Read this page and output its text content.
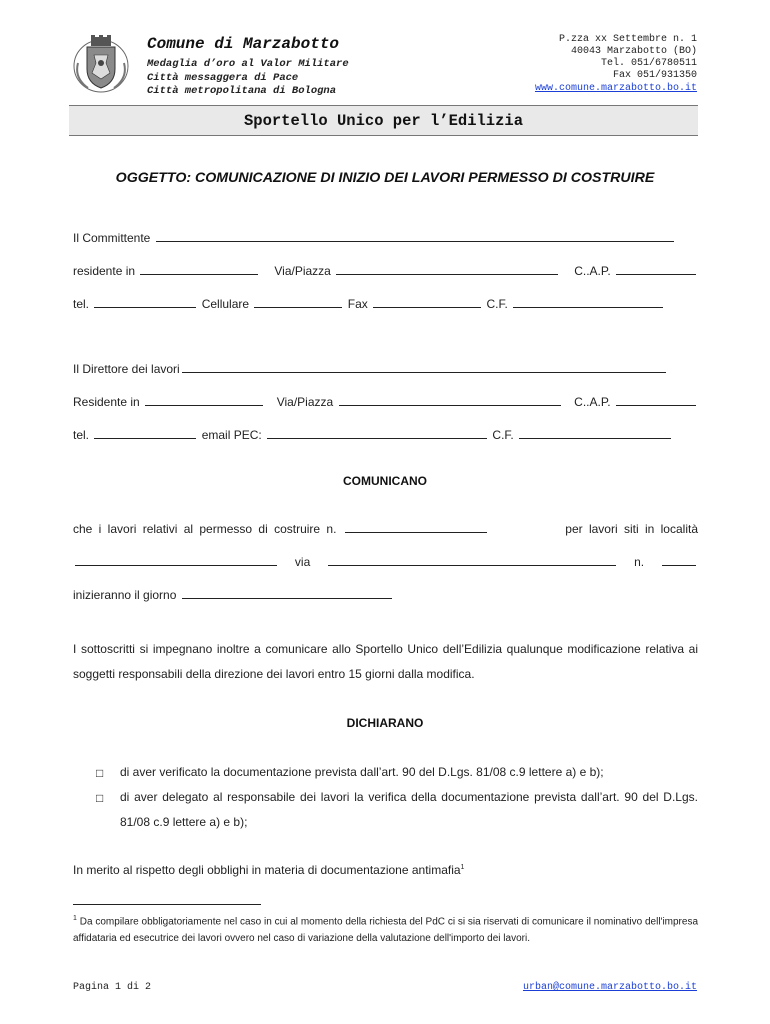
Comune di Marzabotto
Medaglia d’oro al Valor Militare
Città messaggera di Pace
Città metropolitana di Bologna
P.zza xx Settembre n. 1
40043 Marzabotto (BO)
Tel. 051/6780511
Fax 051/931350
www.comune.marzabotto.bo.it
Sportello Unico per l’Edilizia
OGGETTO: COMUNICAZIONE DI INIZIO DEI LAVORI PERMESSO DI COSTRUIRE
Il Committente
residente in	Via/Piazza	C..A.P.
tel.	Cellulare	Fax	C.F.
Il Direttore dei lavori
Residente in	Via/Piazza	C..A.P.
tel.	email PEC:	C.F.
COMUNICANO
che i lavori relativi al permesso di costruire n.	per lavori siti in località
via	n.
inizieranno il giorno
I sottoscritti si impegnano inoltre a comunicare allo Sportello Unico dell’Edilizia qualunque modificazione relativa ai soggetti responsabili della direzione dei lavori entro 15 giorni dalla modifica.
DICHIARANO
□ di aver verificato la documentazione prevista dall’art. 90 del D.Lgs. 81/08 c.9 lettere a) e b);
□ di aver delegato al responsabile dei lavori la verifica della documentazione prevista dall’art. 90 del D.Lgs. 81/08 c.9 lettere a) e b);
In merito al rispetto degli obblighi in materia di documentazione antimafia$^1$
$^1$ Da compilare obbligatoriamente nel caso in cui al momento della richiesta del PdC ci si sia riservati di comunicare il nominativo dell'impresa affidataria ed esecutrice dei lavori ovvero nel caso di variazione della valutazione dell'importo dei lavori.
Pagina 1 di 2	urban@comune.marzabotto.bo.it
